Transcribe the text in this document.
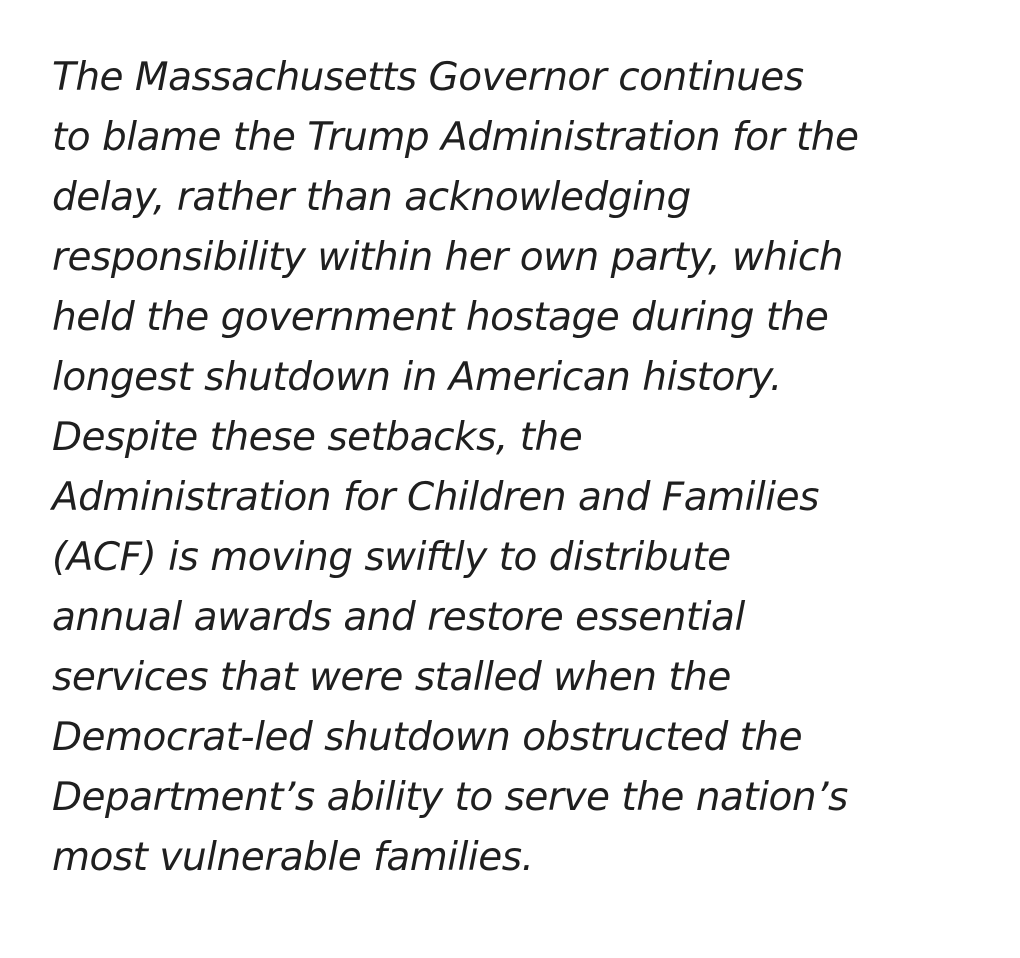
The Massachusetts Governor continues
to blame the Trump Administration for the
delay, rather than acknowledging
responsibility within her own party, which
held the government hostage during the
longest shutdown in American history.
Despite these setbacks, the
Administration for Children and Families
(ACF) is moving swiftly to distribute
annual awards and restore essential
services that were stalled when the
Democrat-led shutdown obstructed the
Department’s ability to serve the nation’s
most vulnerable families.
